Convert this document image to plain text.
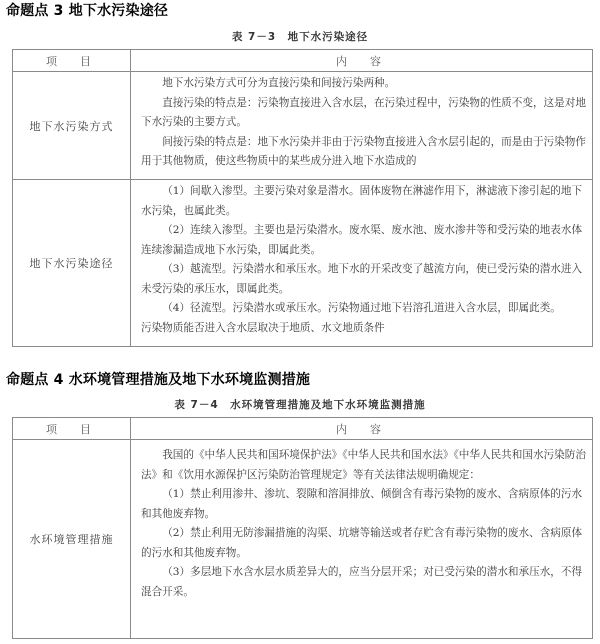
命题点 3 地下水污染途径
表 7－3　地下水污染途径
项　目	内　容
地下水污染方式	地下水污染方式可分为直接污染和间接污染两种。

直接污染的特点是：污染物直接进入含水层，在污染过程中，污染物的性质不变，这是对地下水污染的主要方式。

间接污染的特点是：地下水污染并非由于污染物直接进入含水层引起的，而是由于污染物作用于其他物质，使这些物质中的某些成分进入地下水造成的

地下水污染途径	（1）间歇入渗型。主要污染对象是潜水。固体废物在淋滤作用下，淋滤液下渗引起的地下水污染，也属此类。

（2）连续入渗型。主要也是污染潜水。废水渠、废水池、废水渗井等和受污染的地表水体连续渗漏造成地下水污染，即属此类。

（3）越流型。污染潜水和承压水。地下水的开采改变了越流方向，使已受污染的潜水进入未受污染的承压水，即属此类。

（4）径流型。污染潜水或承压水。污染物通过地下岩溶孔道进入含水层，即属此类。

污染物质能否进入含水层取决于地质、水文地质条件

命题点 4 水环境管理措施及地下水环境监测措施
表 7－4　水环境管理措施及地下水环境监测措施
项　目	内　容
水环境管理措施	我国的《中华人民共和国环境保护法》《中华人民共和国水法》《中华人民共和国水污染防治法》和《饮用水源保护区污染防治管理规定》等有关法律法规明确规定：

（1）禁止利用渗井、渗坑、裂隙和溶洞排放、倾倒含有毒污染物的废水、含病原体的污水和其他废弃物。

（2）禁止利用无防渗漏措施的沟渠、坑塘等输送或者存贮含有毒污染物的废水、含病原体的污水和其他废弃物。

（3）多层地下水含水层水质差异大的，应当分层开采；对已受污染的潜水和承压水，不得混合开采。
